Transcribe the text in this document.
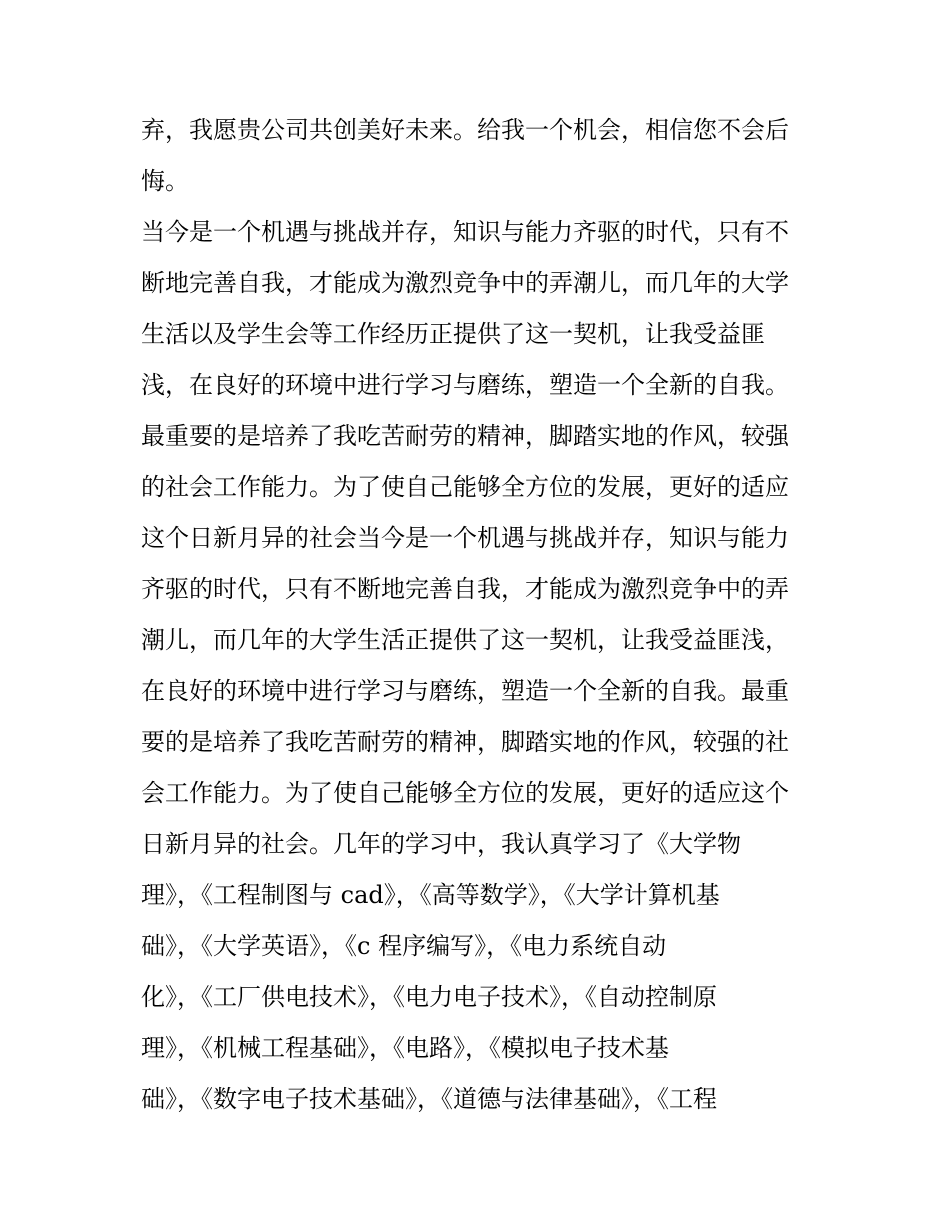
弃，我愿贵公司共创美好未来。给我一个机会，相信您不会后
悔。
当今是一个机遇与挑战并存，知识与能力齐驱的时代，只有不
断地完善自我，才能成为激烈竞争中的弄潮儿，而几年的大学
生活以及学生会等工作经历正提供了这一契机，让我受益匪
浅，在良好的环境中进行学习与磨练，塑造一个全新的自我。
最重要的是培养了我吃苦耐劳的精神，脚踏实地的作风，较强
的社会工作能力。为了使自己能够全方位的发展，更好的适应
这个日新月异的社会当今是一个机遇与挑战并存，知识与能力
齐驱的时代，只有不断地完善自我，才能成为激烈竞争中的弄
潮儿，而几年的大学生活正提供了这一契机，让我受益匪浅，
在良好的环境中进行学习与磨练，塑造一个全新的自我。最重
要的是培养了我吃苦耐劳的精神，脚踏实地的作风，较强的社
会工作能力。为了使自己能够全方位的发展，更好的适应这个
日新月异的社会。几年的学习中，我认真学习了《大学物
理》，《工程制图与 cad》，《高等数学》，《大学计算机基
础》，《大学英语》，《c 程序编写》，《电力系统自动
化》，《工厂供电技术》，《电力电子技术》，《自动控制原
理》，《机械工程基础》，《电路》，《模拟电子技术基
础》，《数字电子技术基础》，《道德与法律基础》，《工程
